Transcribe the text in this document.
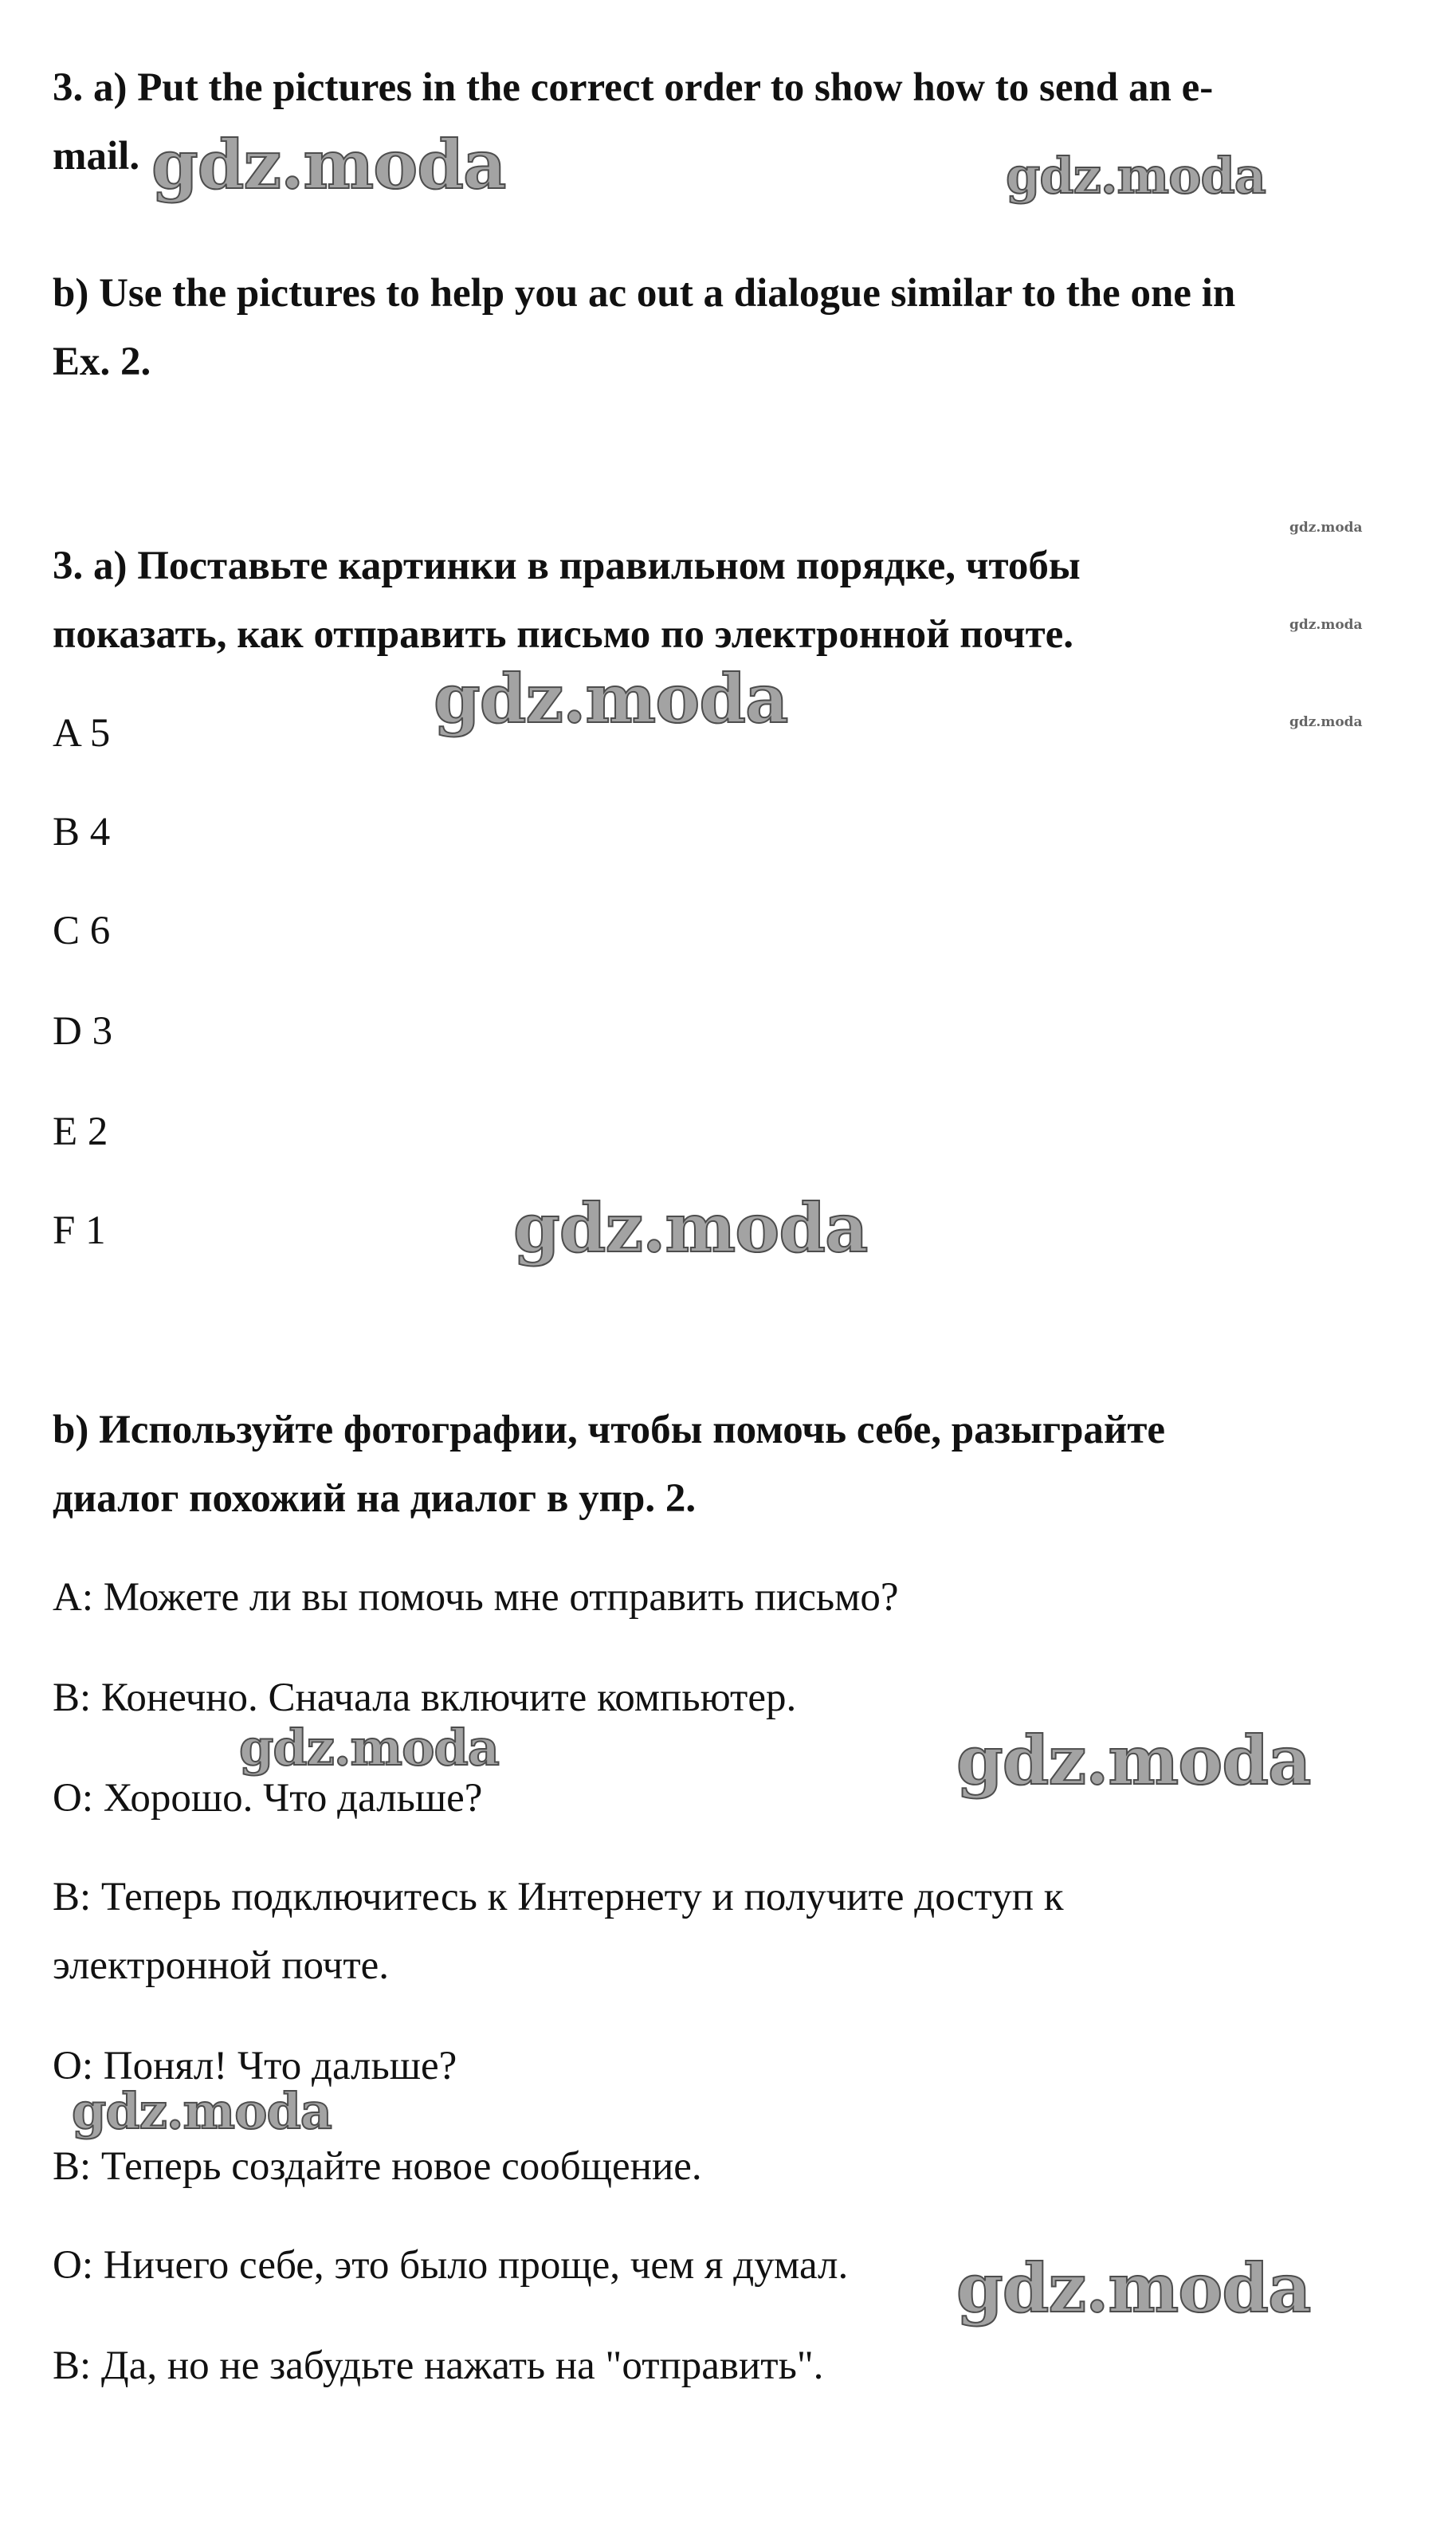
3. a) Put the pictures in the correct order to show how to send an e-

mail.

b) Use the pictures to help you ac out a dialogue similar to the one in

Ex. 2.

3. а) Поставьте картинки в правильном порядке, чтобы

показать, как отправить письмо по электронной почте.

A 5

B 4

C 6

D 3

E 2

F 1

b) Используйте фотографии, чтобы помочь себе, разыграйте

диалог похожий на диалог в упр. 2.

А: Можете ли вы помочь мне отправить письмо?

В: Конечно. Сначала включите компьютер.

О: Хорошо. Что дальше?

В: Теперь подключитесь к Интернету и получите доступ к

электронной почте.

О: Понял! Что дальше?

В: Теперь создайте новое сообщение.

О: Ничего себе, это было проще, чем я думал.

В: Да, но не забудьте нажать на "отправить".

gdz.moda	gdz.moda
gdz.moda
gdz.moda
gdz.moda
gdz.moda
gdz.moda
gdz.moda	gdz.moda
gdz.moda
gdz.moda
